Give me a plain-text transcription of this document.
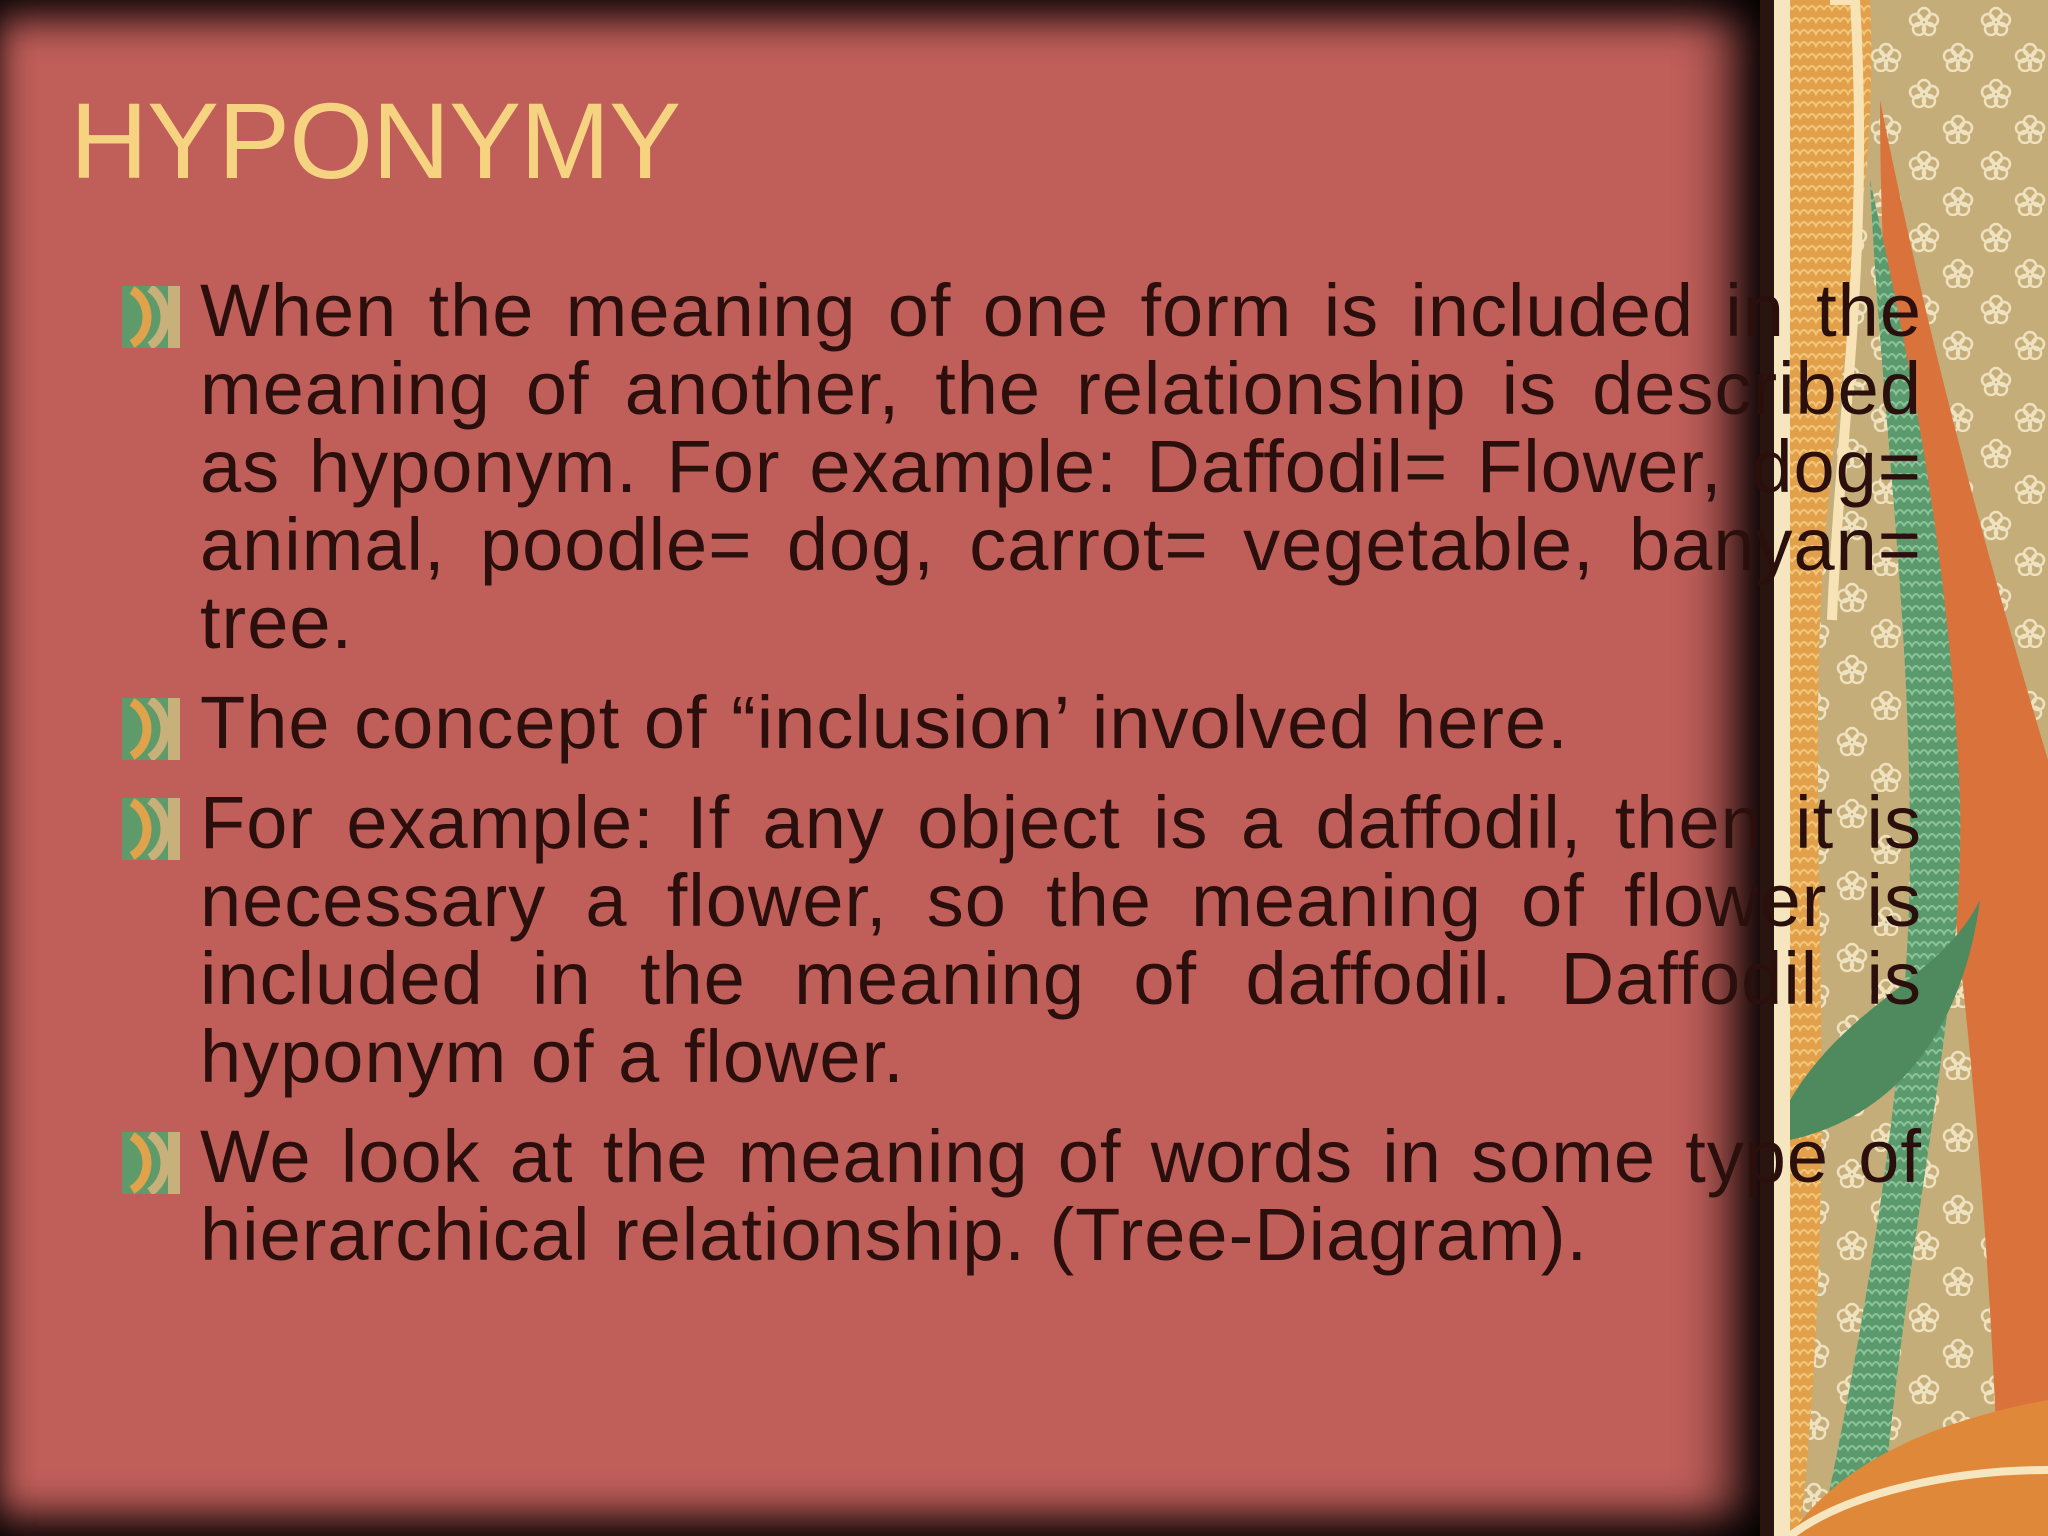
HYPONYMY
When the meaning of one form is included in the meaning of another, the relationship is described as hyponym. For example: Daffodil= Flower, dog= animal, poodle= dog, carrot= vegetable, banyan= tree.
The concept of “inclusion’ involved here.
For example: If any object is a daffodil, then it is necessary a flower, so the meaning of flower is included in the meaning of daffodil. Daffodil is hyponym of a flower.
We look at the meaning of words in some type of hierarchical relationship. (Tree-Diagram).
